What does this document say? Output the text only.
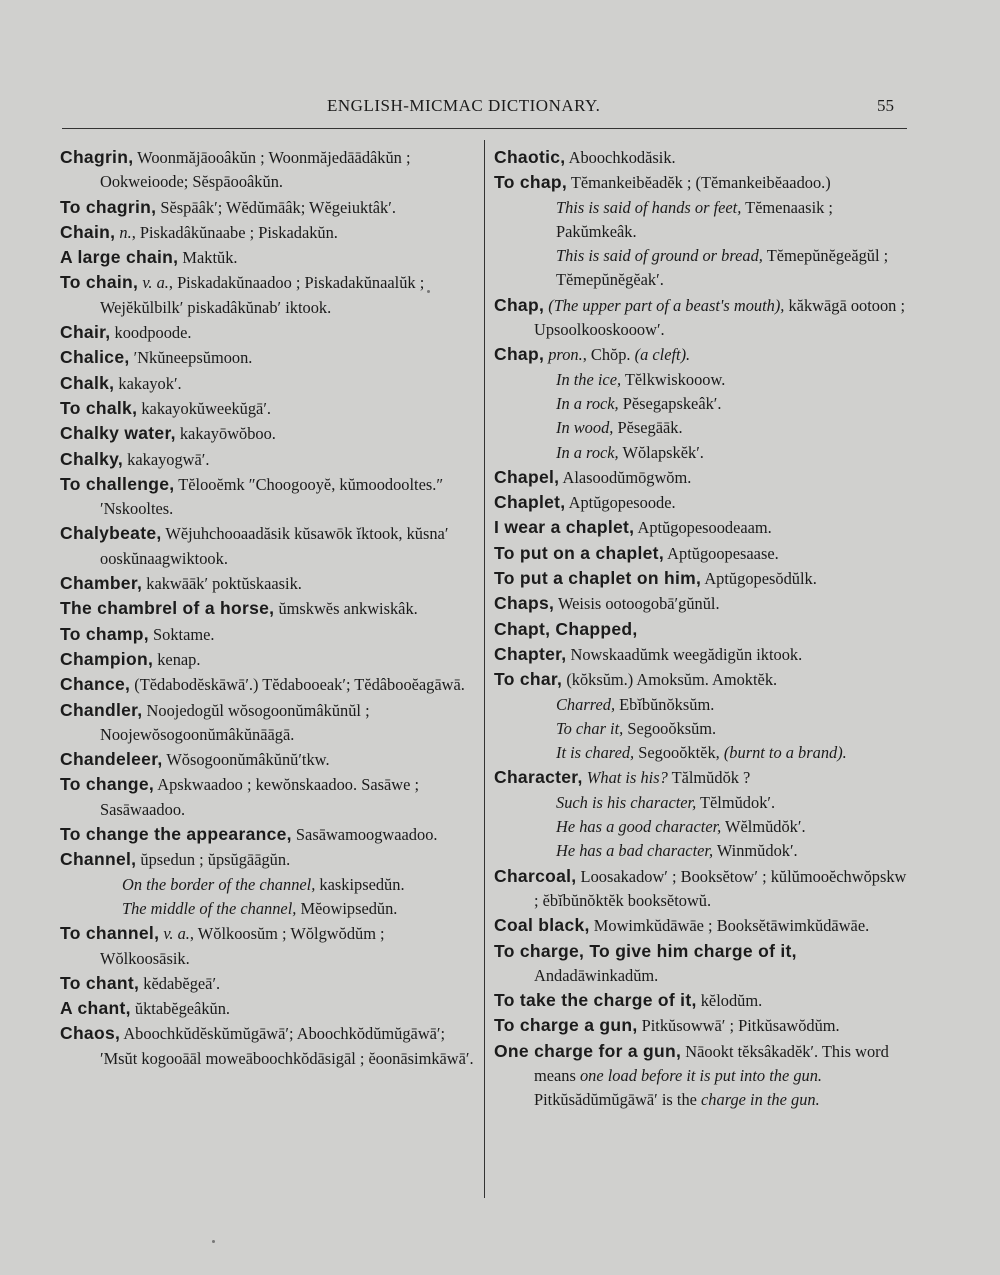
ENGLISH-MICMAC DICTIONARY.	55
Chagrin, Woonmăjāooâkŭn ; Woonmăjedāādâkŭn ; Ookweioode; Sĕspāooâkŭn.
To chagrin, Sĕspāâk′; Wĕdŭmāâk; Wĕgeiuktâk′.
Chain, n., Piskadâkŭnaabe ; Piskadakŭn.
A large chain, Maktŭk.
To chain, v. a., Piskadakŭnaadoo ; Piskadakŭnaalŭk ; Wejĕkŭlbilk′ piskadâkŭnab′ iktook.
Chair, koodpoode.
Chalice, ′Nkŭneepsŭmoon.
Chalk, kakayok′.
To chalk, kakayokŭweekŭgā′.
Chalky water, kakayōwŏboo.
Chalky, kakayogwā′.
To challenge, Tĕlooĕmk ″Choogooyĕ, kŭmoodooltes.″ ′Nskooltes.
Chalybeate, Wĕjuhchooaadăsik kŭsawōk ĭktook, kŭsna′ ooskŭnaagwiktook.
Chamber, kakwāāk′ poktŭskaasik.
The chambrel of a horse, ŭmskwĕs ankwiskâk.
To champ, Soktame.
Champion, kenap.
Chance, (Tĕdabodĕskāwā′.) Tĕdabooeak′; Tĕdâbooĕagāwā.
Chandler, Noojedogŭl wŏsogoonŭmâkŭnŭl ; Noojewŏsogoonŭmâkŭnāāgā.
Chandeleer, Wŏsogoonŭmâkŭnŭ′tkw.
To change, Apskwaadoo ; kewŏnskaadoo. Sasāwe ; Sasāwaadoo.
To change the appearance, Sasāwamoogwaadoo.
Channel, ŭpsedun ; ŭpsŭgāāgŭn.
On the border of the channel, kaskipsedŭn.
The middle of the channel, Mĕowipsedŭn.
To channel, v. a., Wŏlkoosŭm ; Wŏlgwŏdŭm ; Wŏlkoosāsik.
To chant, kĕdabĕgeā′.
A chant, ŭktabĕgeâkŭn.
Chaos, Aboochkŭdĕskŭmŭgāwā′; Aboochkŏdŭmŭgāwā′; ′Msŭt kogooāāl moweāboochkŏdāsigāl ; ĕoonāsimkāwā′.
Chaotic, Aboochkodăsik.
To chap, Tĕmankeibĕadĕk ; (Tĕmankeibĕaadoo.)
This is said of hands or feet, Tĕmenaasik ; Pakŭmkeâk.
This is said of ground or bread, Tĕmepŭnĕgeăgŭl ; Tĕmepŭnĕgĕak′.
Chap, (The upper part of a beast's mouth), kăkwāgā ootoon ; Upsoolkooskooow′.
Chap, pron., Chŏp. (a cleft).
In the ice, Tĕlkwiskooow.
In a rock, Pĕsegapskeâk′.
In wood, Pĕsegāāk.
In a rock, Wŏlapskĕk′.
Chapel, Alasoodŭmōgwŏm.
Chaplet, Aptŭgopesoode.
I wear a chaplet, Aptŭgopesoodeaam.
To put on a chaplet, Aptŭgoopesaase.
To put a chaplet on him, Aptŭgopesŏdŭlk.
Chaps, Weisis ootoogobā′gŭnŭl.
Chapt, Chapped,
Chapter, Nowskaadŭmk weegădigŭn iktook.
To char, (kŏksŭm.) Amoksŭm. Amoktĕk.
Charred, Ebĭbŭnŏksŭm.
To char it, Segooŏksŭm.
It is chared, Segooŏktĕk, (burnt to a brand).
Character, What is his? Tălmŭdŏk ?
Such is his character, Tĕlmŭdok′.
He has a good character, Wĕlmŭdŏk′.
He has a bad character, Winmŭdok′.
Charcoal, Loosakadow′ ; Booksĕtow′ ; kŭlŭmooĕchwŏpskw ; ĕbĭbŭnŏktĕk booksĕtowŭ.
Coal black, Mowimkŭdāwāe ; Booksĕtāwimkŭdāwāe.
To charge, To give him charge of it, Andadāwinkadŭm.
To take the charge of it, kĕlodŭm.
To charge a gun, Pitkŭsowwā′ ; Pitkŭsawŏdŭm.
One charge for a gun, Nāookt tĕksâkadĕk′. This word means one load before it is put into the gun. Pitkŭsădŭmŭgāwā′ is the charge in the gun.
